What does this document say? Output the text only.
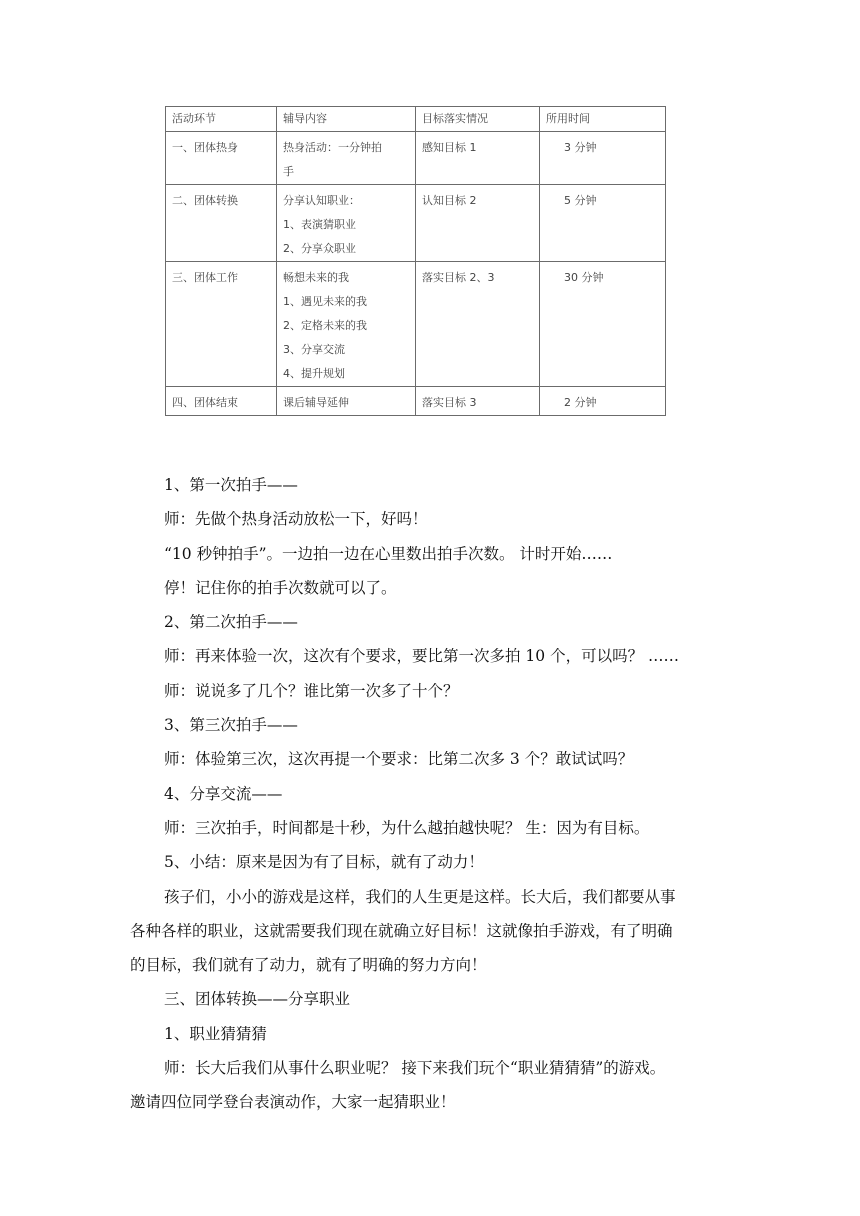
活动环节	辅导内容	目标落实情况	所用时间
一、团体热身	热身活动：一分钟拍
手	感知目标 1	3 分钟
二、团体转换	分享认知职业：
1、表演猜职业
2、分享众职业	认知目标 2	5 分钟
三、团体工作	畅想未来的我
1、遇见未来的我
2、定格未来的我
3、分享交流
4、提升规划	落实目标 2、3	30 分钟
四、团体结束	课后辅导延伸	落实目标 3	2 分钟

1、第一次拍手——

师：先做个热身活动放松一下，好吗！

“10 秒钟拍手”。一边拍一边在心里数出拍手次数。 计时开始……

停！记住你的拍手次数就可以了。

2、第二次拍手——

师：再来体验一次，这次有个要求，要比第一次多拍 10 个，可以吗？ ……

师：说说多了几个？谁比第一次多了十个？

3、第三次拍手——

师：体验第三次，这次再提一个要求：比第二次多 3 个？敢试试吗？

4、分享交流——

师：三次拍手，时间都是十秒，为什么越拍越快呢？ 生：因为有目标。

5、小结：原来是因为有了目标，就有了动力！

孩子们，小小的游戏是这样，我们的人生更是这样。长大后，我们都要从事

各种各样的职业，这就需要我们现在就确立好目标！这就像拍手游戏，有了明确

的目标，我们就有了动力，就有了明确的努力方向！

三、团体转换——分享职业

1、职业猜猜猜

师：长大后我们从事什么职业呢？ 接下来我们玩个“职业猜猜猜”的游戏。

邀请四位同学登台表演动作，大家一起猜职业！
